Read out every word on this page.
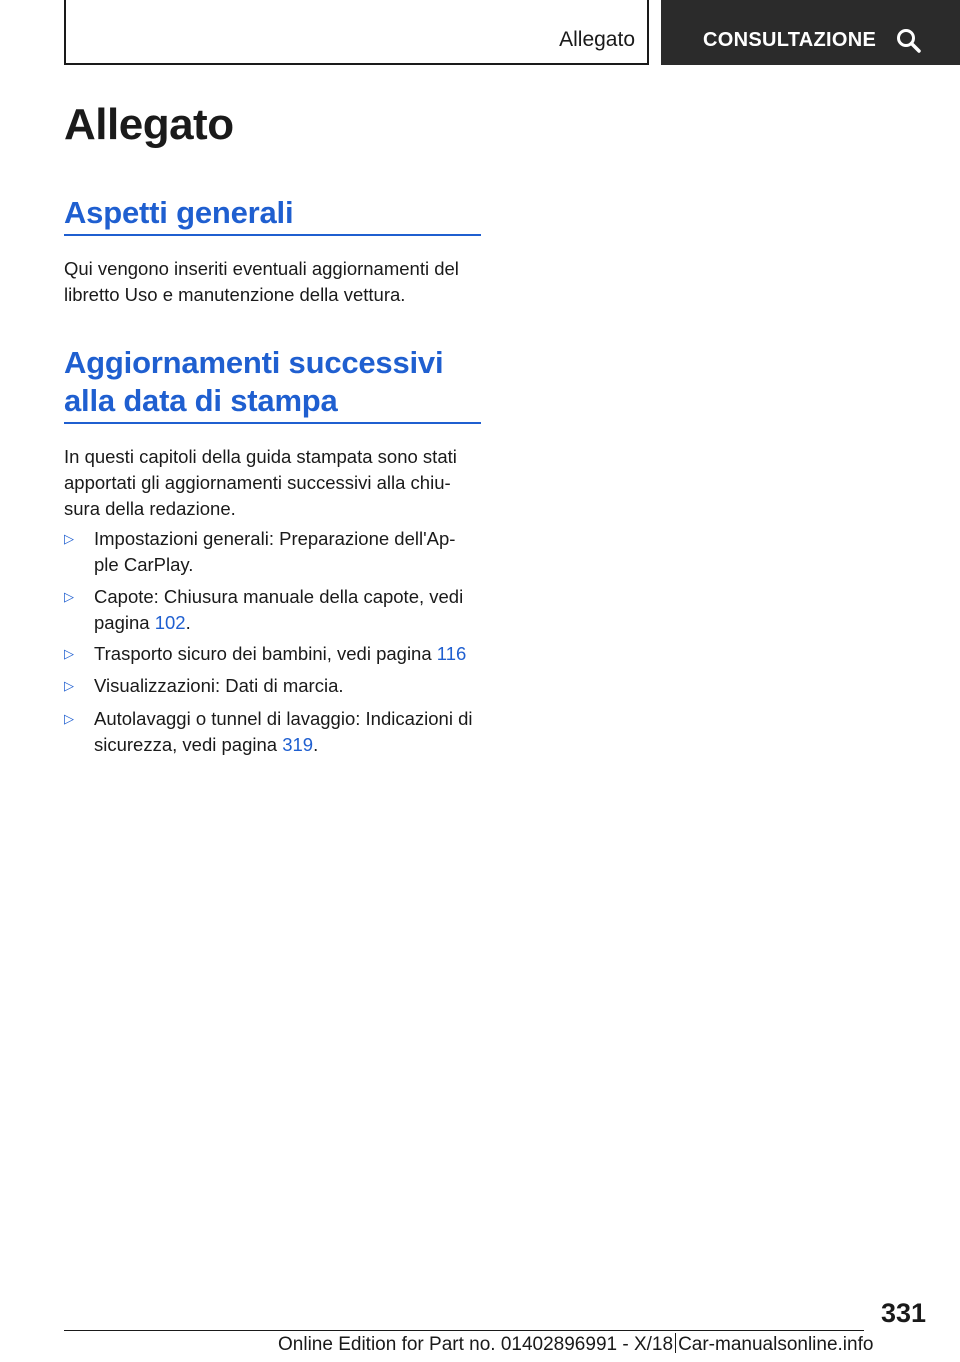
Allegato	CONSULTAZIONE
Allegato
Aspetti generali
Qui vengono inseriti eventuali aggiornamenti del
libretto Uso e manutenzione della vettura.
Aggiornamenti successivi
alla data di stampa
In questi capitoli della guida stampata sono stati
apportati gli aggiornamenti successivi alla chiu-
sura della redazione.
▷	Impostazioni generali: Preparazione dell'Ap-
ple CarPlay.
▷	Capote: Chiusura manuale della capote, vedi
pagina 102.
▷	Trasporto sicuro dei bambini, vedi pagina 116
▷	Visualizzazioni: Dati di marcia.
▷	Autolavaggi o tunnel di lavaggio: Indicazioni di
sicurezza, vedi pagina 319.
331
Online Edition for Part no. 01402896991 - X/18 Car-manualsonline.info
